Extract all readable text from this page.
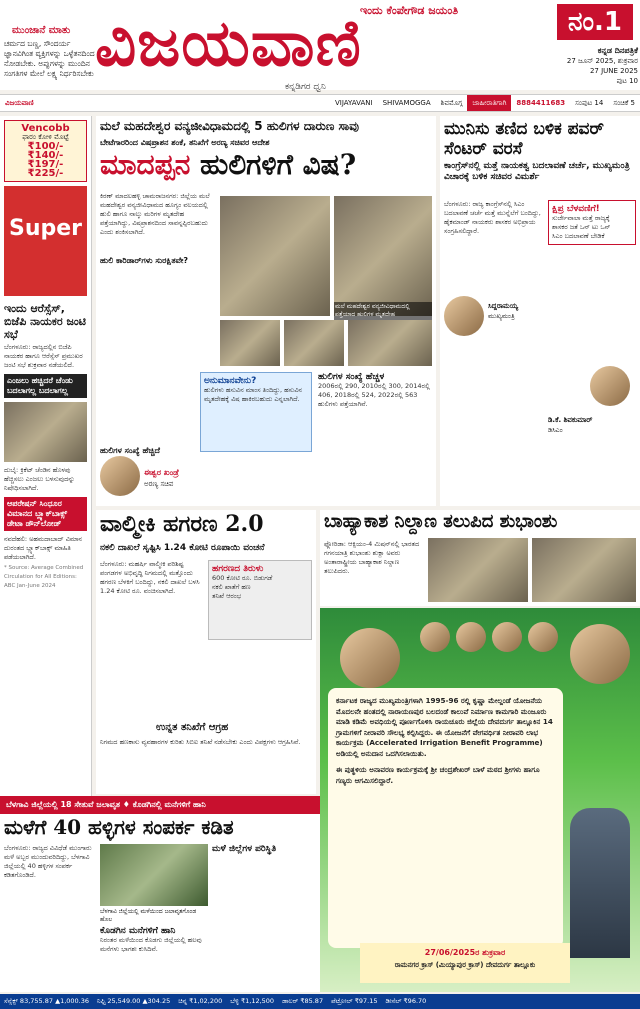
ಮುಂಜಾನೆ ಮಾತು
ಚರ್ಮದ ಬಣ್ಣ, ಸೌಂದರ್ಯ ಜ್ಞಾನವಿಗಿಂತ ವ್ಯಕ್ತಿಗಳನ್ನು ಒಳ್ಳೆತನದಿಂದ ನೋಡಬೇಕು. ಅಪ್ಪುಗಳನ್ನು ಮುಂದಿನ ಸಂಗತಿಗಳ ಮೇಲೆ ಲಕ್ಷ್ಯ ನಿರ್ಧರಿಸಬೇಕು
ಇಂದು ಕೆಂಪೇಗೌಡ ಜಯಂತಿ
ವಿಜಯವಾಣಿ
ಕನ್ನಡಿಗರ ಧ್ವನಿ
ನಂ.1
ಕನ್ನಡ ದಿನಪತ್ರಿಕೆ
27 ಜೂನ್ 2025, ಶುಕ್ರವಾರ
27 JUNE 2025
ಪುಟ 10
ವಿಜಯವಾಣಿ	VIJAYAVANI	SHIVAMOGGA	ಶಿವಮೊಗ್ಗ	ಜಾಹೀರಾತಿಗಾಗಿ	8884411683	ಸಂಪುಟ 14	ಸಂಚಿಕೆ 5
Vencobb
ಫಾರಂ ಕೋಳಿ ಮೊಟ್ಟೆ
₹100/-
₹140/-
₹197/-
₹225/-
Super
ಇಂದು ಆರೆಸ್ಸೆಸ್, ಬಿಜೆಪಿ ನಾಯಕರ ಜಂಟಿ ಸಭೆ
ಬೆಂಗಳೂರು: ರಾಜ್ಯದಲ್ಲಿನ ಬಿಜೆಪಿ ನಾಯಕರ ಹಾಗೂ ಆರೆಸ್ಸೆಸ್ ಪ್ರಮುಖರ ಜಂಟಿ ಸಭೆ ಶುಕ್ರವಾರ ನಡೆಯಲಿದೆ.
ಎಂಜಲು ಹಚ್ಚಿದರೆ ಚೆಂಡು ಬದಲಾಗಲ್ಲ ಬದಲಾಗಲ್ಲ
ದುಬೈ: ಕ್ರಿಕೆಟ್ ಚೆಂಡಿನ ಹೊಳಪು ಹೆಚ್ಚಿಸಲು ಎಂಜಲು ಬಳಸುವುದನ್ನು ನಿಷೇಧಿಸಲಾಗಿದೆ.
ಆಪರೇಷನ್ ಸಿಂಧೂರ ವಿಮಾನದ ಬ್ಲ್ಯಾಕ್‌ಬಾಕ್ಸ್ ಡೇಟಾ ಡೌನ್‌ಲೋಡ್
ನವದೆಹಲಿ: ಅಹಮದಾಬಾದ್ ವಿಮಾನ ದುರಂತದ ಬ್ಲ್ಯಾಕ್‌ಬಾಕ್ಸ್ ಮಾಹಿತಿ ಪಡೆಯಲಾಗಿದೆ.
* Source: Average Combined Circulation for All Editions: ABC Jan-June 2024
ಮಲೆ ಮಹದೇಶ್ವರ ವನ್ಯಜೀವಿಧಾಮದಲ್ಲಿ 5 ಹುಲಿಗಳ ದಾರುಣ ಸಾವು
ಬೇಟೆಗಾರರಿಂದ ವಿಷಪ್ರಾಶನ ಶಂಕೆ, ತನಿಖೆಗೆ ಅರಣ್ಯ ಸಚಿವರ ಆದೇಶ
ಮಾದಪ್ಪನ ಹುಲಿಗಳಿಗೆ ವಿಷ?
ಕಿರಣ್ ಮಾದಲಹಳ್ಳಿ ಚಾಮರಾಜನಗರ: ಜಿಲ್ಲೆಯ ಮಲೆ ಮಹದೇಶ್ವರ ವನ್ಯಜೀವಿಧಾಮದ ಹೂಗ್ಯಂ ವಲಯದಲ್ಲಿ ಹುಲಿ ಹಾಗೂ ನಾಲ್ಕು ಮರಿಗಳ ಮೃತದೇಹ ಪತ್ತೆಯಾಗಿದ್ದು, ವಿಷಪ್ರಾಶನದಿಂದ ಸಾವನ್ನಪ್ಪಿರಬಹುದು ಎಂದು ಶಂಕಿಸಲಾಗಿದೆ.
ಹುಲಿ ಕಾರಿಡಾರ್‌ಗಳು ಸುರಕ್ಷಿತವೇ?
ಮಲೆ ಮಹದೇಶ್ವರ ವನ್ಯಜೀವಿಧಾಮದಲ್ಲಿ ಪತ್ತೆಯಾದ ಹುಲಿಗಳ ಮೃತದೇಹ
ಅನುಮಾನವೇನು?
ಹುಲಿಗಳು ಹಸುವಿನ ಮಾಂಸ ತಿಂದಿದ್ದು, ಹಸುವಿನ ಮೃತದೇಹಕ್ಕೆ ವಿಷ ಹಾಕಿರಬಹುದು ಎನ್ನಲಾಗಿದೆ.
ಹುಲಿಗಳ ಸಂಖ್ಯೆ ಹೆಚ್ಚಳ
2006ರಲ್ಲಿ 290, 2010ರಲ್ಲಿ 300, 2014ರಲ್ಲಿ 406, 2018ರಲ್ಲಿ 524, 2022ರಲ್ಲಿ 563 ಹುಲಿಗಳು ಪತ್ತೆಯಾಗಿವೆ.
ಹುಲಿಗಳ ಸಂಖ್ಯೆ ಹೆಚ್ಚಿದೆ
ಈಶ್ವರ ಖಂಡ್ರೆ
ಅರಣ್ಯ ಸಚಿವ
ಮುನಿಸು ತಣಿದ ಬಳಿಕ ಪವರ್ ಸೆಂಟರ್ ವರಸೆ
ಕಾಂಗ್ರೆಸ್‌ನಲ್ಲಿ ಮತ್ತೆ ನಾಯಕತ್ವ ಬದಲಾವಣೆ ಚರ್ಚೆ, ಮುಖ್ಯಮಂತ್ರಿ ವಿಚಾರಕ್ಕೆ ಬಳಿಕ ಸಚಿವರ ವಿಮರ್ಶೆ
ಬೆಂಗಳೂರು: ರಾಜ್ಯ ಕಾಂಗ್ರೆಸ್‌ನಲ್ಲಿ ಸಿಎಂ ಬದಲಾವಣೆ ಚರ್ಚೆ ಮತ್ತೆ ಮುನ್ನೆಲೆಗೆ ಬಂದಿದ್ದು, ಹೈಕಮಾಂಡ್ ನಾಯಕರು ಶಾಸಕರ ಅಭಿಪ್ರಾಯ ಸಂಗ್ರಹಿಸಲಿದ್ದಾರೆ.
ಕ್ಷಿಪ್ರ ಬೆಳವಣಿಗೆ!
ಸುರ್ಜೇವಾಲಾ ಮತ್ತೆ ರಾಜ್ಯಕ್ಕೆ
ಶಾಸಕರ ಜತೆ ಒನ್ ಟು ಒನ್
ಸಿಎಂ ಬದಲಾವಣೆ ಬೇಡಿಕೆ
ಸಿದ್ದರಾಮಯ್ಯ
ಮುಖ್ಯಮಂತ್ರಿ
ಡಿ.ಕೆ. ಶಿವಕುಮಾರ್
ಡಿಸಿಎಂ
ವಾಲ್ಮೀಕಿ ಹಗರಣ 2.0
ನಕಲಿ ದಾಖಲೆ ಸೃಷ್ಟಿಸಿ 1.24 ಕೋಟಿ ರೂಪಾಯಿ ವಂಚನೆ
ಬೆಂಗಳೂರು: ಮಹರ್ಷಿ ವಾಲ್ಮೀಕಿ ಪರಿಶಿಷ್ಟ ಪಂಗಡಗಳ ಅಭಿವೃದ್ಧಿ ನಿಗಮದಲ್ಲಿ ಮತ್ತೊಂದು ಹಗರಣ ಬೆಳಕಿಗೆ ಬಂದಿದ್ದು, ನಕಲಿ ದಾಖಲೆ ಬಳಸಿ 1.24 ಕೋಟಿ ರೂ. ವಂಚಿಸಲಾಗಿದೆ.
ಹಗರಣದ ತಿರುಳು
600 ಕೋಟಿ ರೂ. ಬಿಡುಗಡೆ
ನಕಲಿ ಖಾತೆಗೆ ಹಣ
ತನಿಖೆ ಆರಂಭ
ಉನ್ನತ ತನಿಖೆಗೆ ಆಗ್ರಹ
ನಿಗಮದ ಹಣಕಾಸು ವ್ಯವಹಾರಗಳ ಕುರಿತು ಸಿಬಿಐ ತನಿಖೆ ನಡೆಸಬೇಕು ಎಂದು ವಿಪಕ್ಷಗಳು ಆಗ್ರಹಿಸಿವೆ.
ಬಾಹ್ಯಾಕಾಶ ನಿಲ್ದಾಣ ತಲುಪಿದ ಶುಭಾಂಶು
ಫ್ಲೋರಿಡಾ: ಆಕ್ಸಿಯಂ-4 ಮಿಷನ್‌ನಲ್ಲಿ ಭಾರತದ ಗಗನಯಾತ್ರಿ ಶುಭಾಂಶು ಶುಕ್ಲಾ ಅವರು ಅಂತಾರಾಷ್ಟ್ರೀಯ ಬಾಹ್ಯಾಕಾಶ ನಿಲ್ದಾಣ ತಲುಪಿದರು.
ಕರ್ನಾಟಕ ರಾಜ್ಯದ ಮುಖ್ಯಮಂತ್ರಿಗಳಾಗಿ 1995-96 ರಲ್ಲಿ ಕೃಷ್ಣಾ ಮೇಲ್ದಂಡೆ ಯೋಜನೆಯ ಮೊದಲನೇ ಹಂತದಲ್ಲಿ ನಾರಾಯಣಪುರ ಬಲದಂಡೆ ಕಾಲುವೆ ನಿರ್ಮಾಣ ಕಾಮಗಾರಿ ಮಂಜೂರು ಮಾಡಿ ಕಡಿಮೆ ಅವಧಿಯಲ್ಲಿ ಪೂರ್ಣಗೊಳಿಸಿ ರಾಯಚೂರು ಜಿಲ್ಲೆಯ ದೇವದುರ್ಗ ತಾಲ್ಲೂಕಿನ 14 ಗ್ರಾಮಗಳಿಗೆ ನೀರಾವರಿ ಸೌಲಭ್ಯ ಕಲ್ಪಿಸಿದ್ದರು. ಈ ಯೋಜನೆಗೆ ವೇಗವರ್ಧಿತ ನೀರಾವರಿ ಲಾಭ ಕಾರ್ಯಕ್ರಮ (Accelerated Irrigation Benefit Programme) ಅಡಿಯಲ್ಲಿ ಅನುದಾನ ಒದಗಿಸಲಾಯಿತು.
ಈ ಪುತ್ಥಳಿಯ ಅನಾವರಣ ಕಾರ್ಯಕ್ರಮಕ್ಕೆ ಶ್ರೀ ಚಂದ್ರಶೇಖರ್ ಬಾಳೆ ಮಠದ ಶ್ರೀಗಳು ಹಾಗೂ ಗಣ್ಯರು ಆಗಮಿಸಲಿದ್ದಾರೆ.
27/06/2025ರ ಶುಕ್ರವಾರ
ರಾಮನಗರ ಕ್ರಾಸ್ (ಮಿಯ್ಯಾಪುರ ಕ್ರಾಸ್) ದೇವದುರ್ಗ ತಾಲ್ಲೂಕು
ಬೆಳಗಾವಿ ಜಿಲ್ಲೆಯಲ್ಲಿ 18 ಸೇತುವೆ ಜಲಾವೃತ ♦ ಕೊಡಗಿನಲ್ಲಿ ಮನೆಗಳಿಗೆ ಹಾನಿ
ಮಳೆಗೆ 40 ಹಳ್ಳಿಗಳ ಸಂಪರ್ಕ ಕಡಿತ
ಮಳೆ ಜಿಲ್ಲೆಗಳ ಪರಿಸ್ಥಿತಿ
ಬೆಂಗಳೂರು: ರಾಜ್ಯದ ವಿವಿಧೆಡೆ ಮುಂಗಾರು ಮಳೆ ಅಬ್ಬರ ಮುಂದುವರಿದಿದ್ದು, ಬೆಳಗಾವಿ ಜಿಲ್ಲೆಯಲ್ಲಿ 40 ಹಳ್ಳಿಗಳ ಸಂಪರ್ಕ ಕಡಿತಗೊಂಡಿದೆ.
ಬೆಳಗಾವಿ ಜಿಲ್ಲೆಯಲ್ಲಿ ಮಳೆಯಿಂದ ಜಲಾವೃತಗೊಂಡ ಹೊಲ
ಕೊಡಗಿನ ಮನೆಗಳಿಗೆ ಹಾನಿ
ನಿರಂತರ ಮಳೆಯಿಂದ ಕೊಡಗು ಜಿಲ್ಲೆಯಲ್ಲಿ ಹಲವು ಮನೆಗಳು ಭಾಗಶಃ ಕುಸಿದಿವೆ.
ಸೆನ್ಸೆಕ್ಸ್ 83,755.87 ▲1,000.36	ನಿಫ್ಟಿ 25,549.00 ▲304.25	ಚಿನ್ನ ₹1,02,200	ಬೆಳ್ಳಿ ₹1,12,500	ಡಾಲರ್ ₹85.87	ಪೆಟ್ರೋಲ್ ₹97.15	ಡೀಸೆಲ್ ₹96.70
